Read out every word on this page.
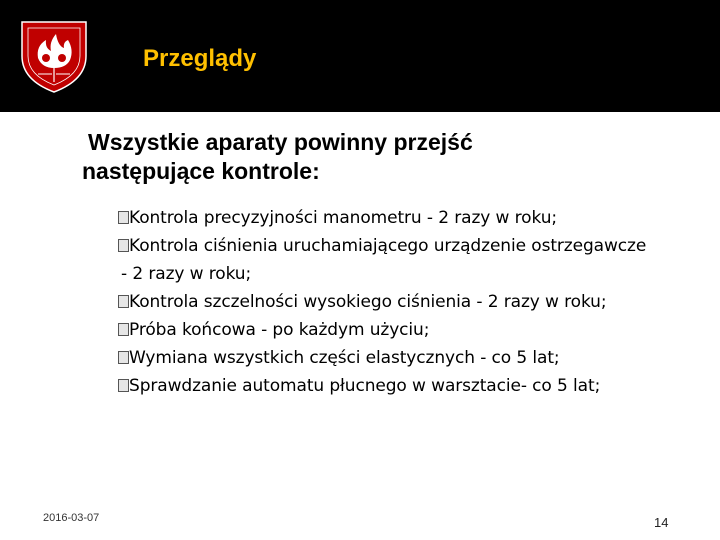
Przeglądy
Wszystkie aparaty powinny przejść
następujące kontrole:
Kontrola precyzyjności manometru - 2 razy w roku;
Kontrola ciśnienia uruchamiającego urządzenie ostrzegawcze
- 2 razy w roku;
Kontrola szczelności wysokiego ciśnienia - 2 razy w roku;
Próba końcowa - po każdym użyciu;
Wymiana wszystkich części elastycznych - co 5 lat;
Sprawdzanie automatu płucnego w warsztacie- co 5 lat;
2016-03-07	14
